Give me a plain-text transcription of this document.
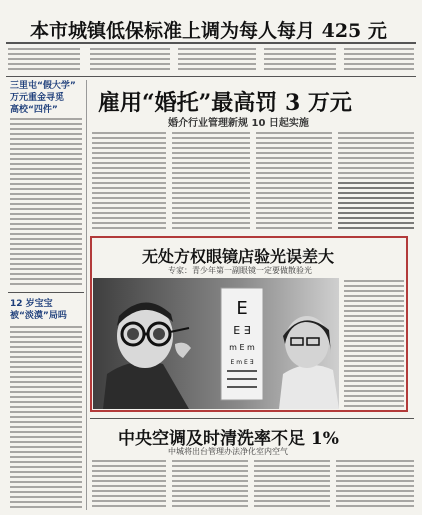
本市城镇低保标准上调为每人每月 425 元
三里屯“假大学”
万元重金寻觅
高校“四件”
12 岁宝宝
被“淡漠”局吗
雇用“婚托”最高罚 3 万元
婚介行业管理新规 10 日起实施
无处方权眼镜店验光误差大
专家：青少年第一副眼镜一定要做散验光
E
E ∃
m E m
E m E ∃
中央空调及时清洗率不足 1%
中城将出台管理办法净化室内空气
